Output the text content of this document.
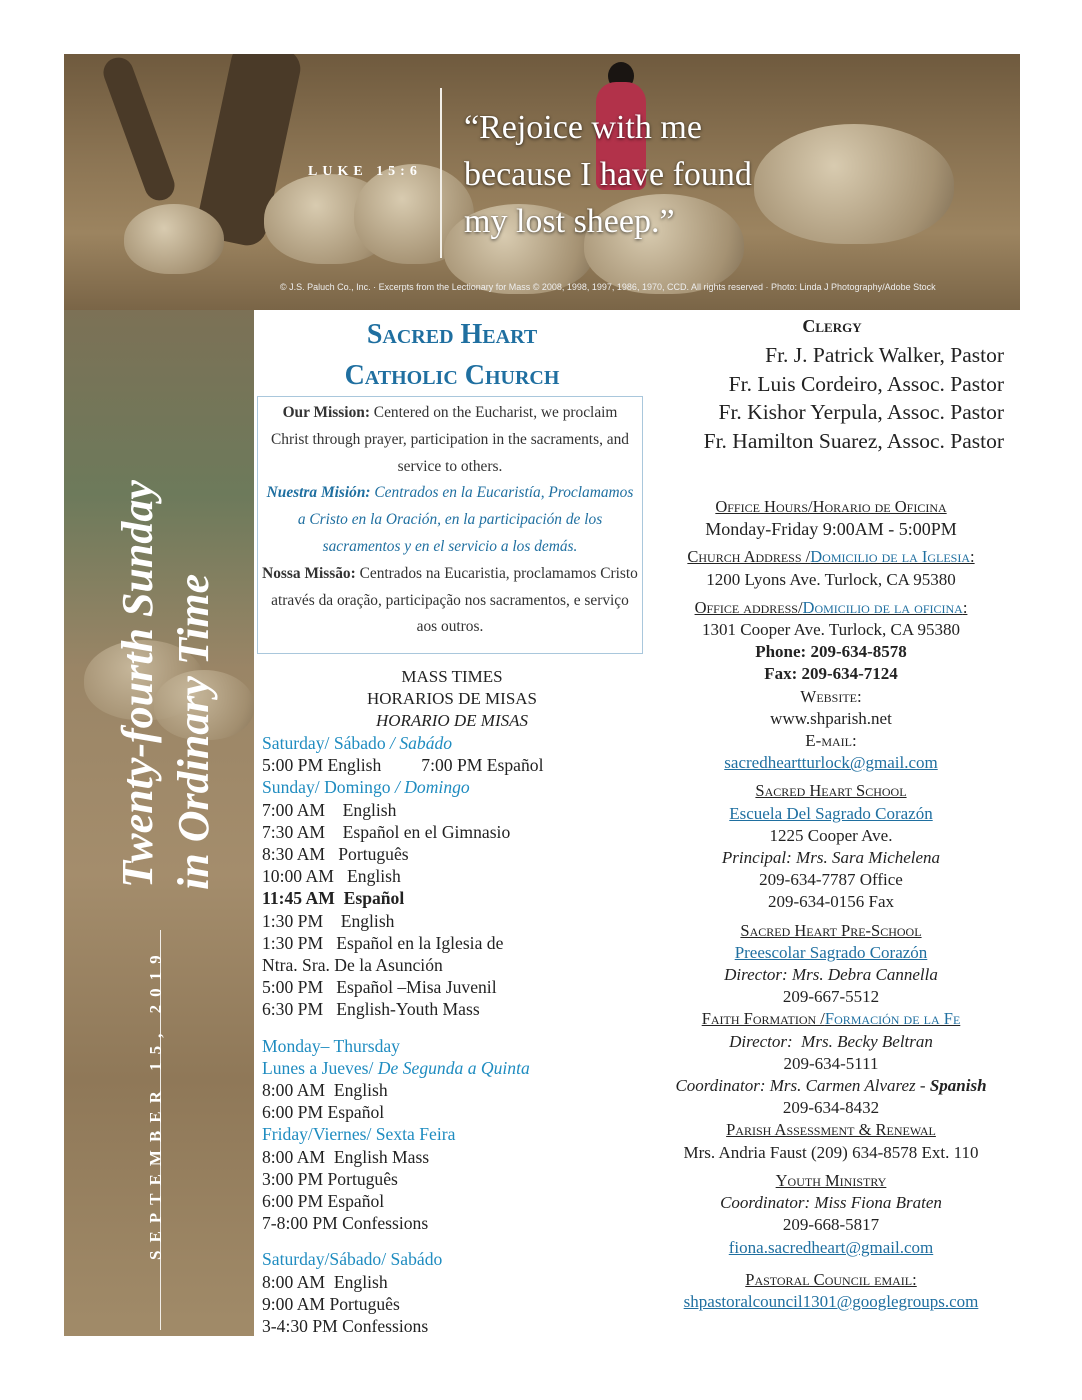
LUKE 15:6
“Rejoice with me
because I have found
my lost sheep.”
© J.S. Paluch Co., Inc. · Excerpts from the Lectionary for Mass © 2008, 1998, 1997, 1986, 1970, CCD. All rights reserved · Photo: Linda J Photography/Adobe Stock
Twenty-fourth Sunday in Ordinary Time
SEPTEMBER 15, 2019
Sacred Heart
Catholic Church
Our Mission: Centered on the Eucharist, we proclaim Christ through prayer, participation in the sacraments, and service to others.
Nuestra Misión: Centrados en la Eucaristía, Proclamamos a Cristo en la Oración, en la participación de los sacramentos y en el servicio a los demás.
Nossa Missão: Centrados na Eucaristia, proclamamos Cristo através da oração, participação nos sacramentos, e serviço aos outros.
MASS TIMES
HORARIOS DE MISAS
HORARIO DE MISAS
Saturday/ Sábado / Sabádo
5:00 PM English 7:00 PM Español
Sunday/ Domingo / Domingo
7:00 AM    English
7:30 AM    Español en el Gimnasio
8:30 AM   Português
10:00 AM   English
11:45 AM  Español
1:30 PM    English
1:30 PM   Español en la Iglesia de
Ntra. Sra. De la Asunción
5:00 PM   Español –Misa Juvenil
6:30 PM   English-Youth Mass
Monday– Thursday
Lunes a Jueves/ De Segunda a Quinta
8:00 AM  English
6:00 PM Español
Friday/Viernes/ Sexta Feira
8:00 AM  English Mass
3:00 PM Português
6:00 PM Español
7-8:00 PM Confessions
Saturday/Sábado/ Sabádo
8:00 AM  English
9:00 AM Português
3-4:30 PM Confessions
Clergy
Fr. J. Patrick Walker, Pastor
Fr. Luis Cordeiro, Assoc. Pastor
Fr. Kishor Yerpula, Assoc. Pastor
Fr. Hamilton Suarez, Assoc. Pastor
Office Hours/Horario de Oficina
Monday-Friday 9:00AM - 5:00PM
Church Address /Domicilio de la Iglesia:
1200 Lyons Ave. Turlock, CA 95380
Office address/Domicilio de la oficina:
1301 Cooper Ave. Turlock, CA 95380
Phone: 209-634-8578
Fax: 209-634-7124
Website:
www.shparish.net
E-mail:
sacredheartturlock@gmail.com
Sacred Heart School
Escuela Del Sagrado Corazón
1225 Cooper Ave.
Principal: Mrs. Sara Michelena
209-634-7787 Office
209-634-0156 Fax
Sacred Heart Pre-School
Preescolar Sagrado Corazón
Director: Mrs. Debra Cannella
209-667-5512
Faith Formation /Formación de la Fe
Director:  Mrs. Becky Beltran
209-634-5111
Coordinator: Mrs. Carmen Alvarez - Spanish
209-634-8432
Parish Assessment & Renewal
Mrs. Andria Faust (209) 634-8578 Ext. 110
Youth Ministry
Coordinator: Miss Fiona Braten
209-668-5817
fiona.sacredheart@gmail.com
Pastoral Council email:
shpastoralcouncil1301@googlegroups.com
